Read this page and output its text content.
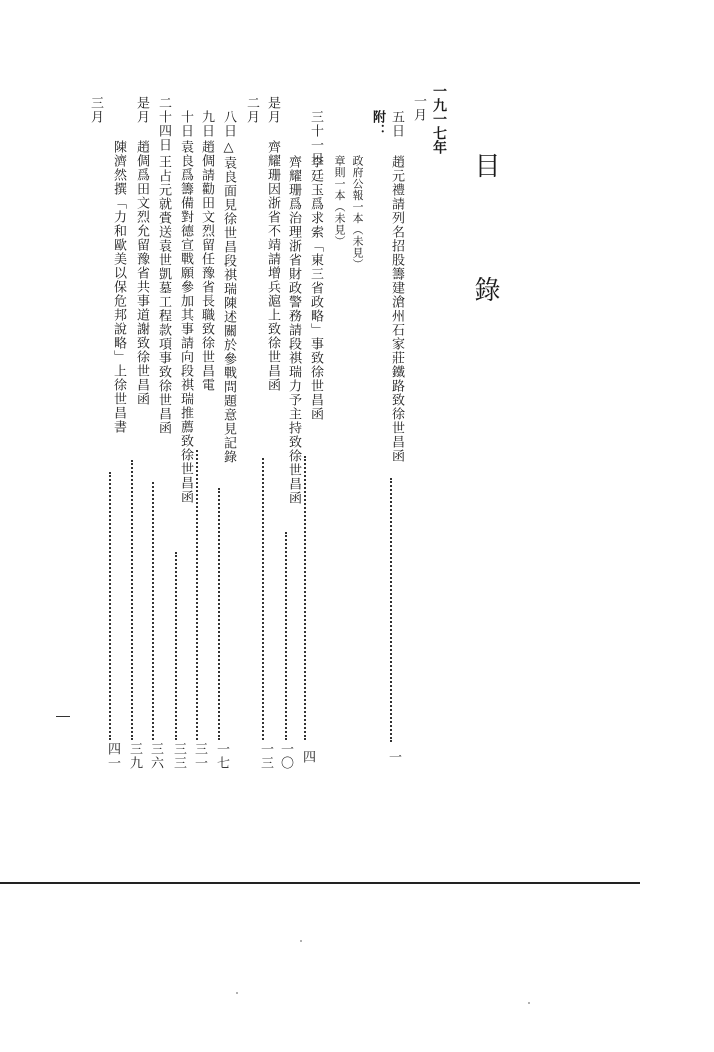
目　錄
一九一七年
一月
五日
趙元禮請列名招股籌建滄州石家莊鐵路致徐世昌函
一
附：
政府公報一本（未見）
章則一本（未見）
三十一日
李廷玉爲求索「東三省政略」事致徐世昌函
四
齊耀珊爲治理浙省財政警務請段祺瑞力予主持致徐世昌函
一〇
是月
齊耀珊因浙省不靖請增兵滬上致徐世昌函
一三
二月
八日
△袁良面見徐世昌段祺瑞陳述關於參戰問題意見記錄
一七
九日
趙倜請勸田文烈留任豫省長職致徐世昌電
三一
十日
袁良爲籌備對德宣戰願參加其事請向段祺瑞推薦致徐世昌函
三三
二十四日
王占元就賫送袁世凱墓工程款項事致徐世昌函
三六
是月
趙倜爲田文烈允留豫省共事道謝致徐世昌函
三九
三月
陳濟然撰「力和歐美以保危邦說略」上徐世昌書
四一
